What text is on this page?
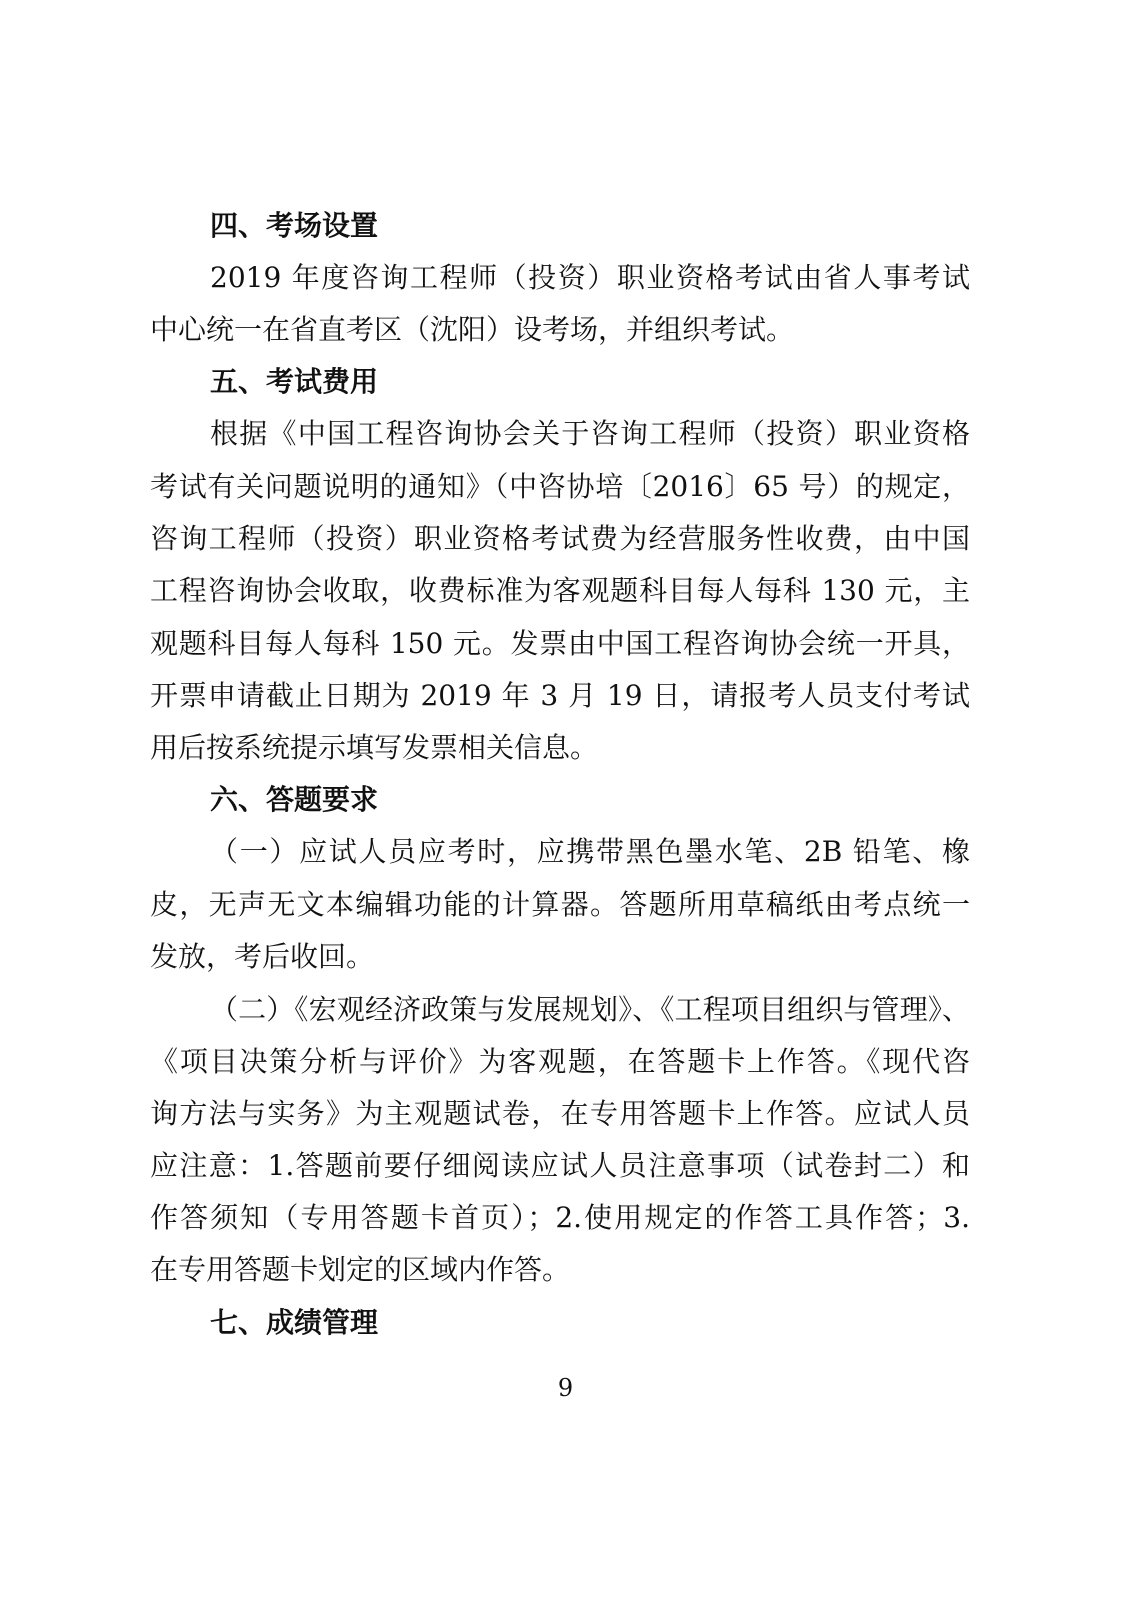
四、考场设置
2019 年度咨询工程师（投资）职业资格考试由省人事考试
中心统一在省直考区（沈阳）设考场，并组织考试。
五、考试费用
根据《中国工程咨询协会关于咨询工程师（投资）职业资格
考试有关问题说明的通知》（中咨协培〔2016〕65 号）的规定，
咨询工程师（投资）职业资格考试费为经营服务性收费，由中国
工程咨询协会收取，收费标准为客观题科目每人每科 130 元，主
观题科目每人每科 150 元。发票由中国工程咨询协会统一开具，
开票申请截止日期为 2019 年 3 月 19 日，请报考人员支付考试
用后按系统提示填写发票相关信息。
六、答题要求
（一）应试人员应考时，应携带黑色墨水笔、2B 铅笔、橡
皮，无声无文本编辑功能的计算器。答题所用草稿纸由考点统一
发放，考后收回。
（二）《宏观经济政策与发展规划》、《工程项目组织与管理》、
《项目决策分析与评价》为客观题，在答题卡上作答。《现代咨
询方法与实务》为主观题试卷，在专用答题卡上作答。应试人员
应注意：1.答题前要仔细阅读应试人员注意事项（试卷封二）和
作答须知（专用答题卡首页）；2.使用规定的作答工具作答；3.
在专用答题卡划定的区域内作答。
七、成绩管理
9
